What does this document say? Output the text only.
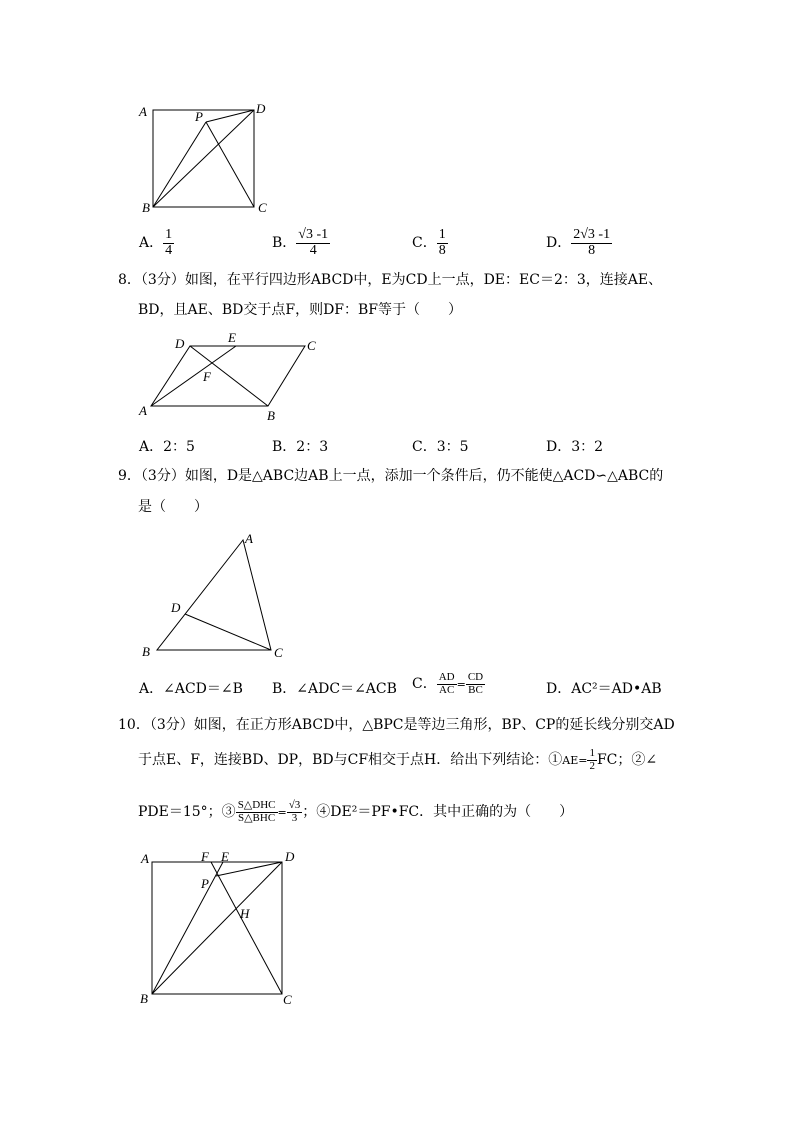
A	P
D
B	C
A． $\frac{1}{4}$	B． $\frac{√3 -1}{4}$	C． $\frac{1}{8}$	D． $\frac{2√3 -1}{8}$
8．（3分）如图，在平行四边形ABCD中，E为CD上一点，DE：EC＝2：3，连接AE、
BD，且AE、BD交于点F，则DF：BF等于（　　）
D	E
C
F
A	B
A．2：5	B．2：3	C．3：5	D．3：2
9．（3分）如图，D是△ABC边AB上一点，添加一个条件后，仍不能使△ACD∽△ABC的
是（　　）
A
D
B	C
A．∠ACD＝∠B B．∠ADC＝∠ACB C． $\frac{AD}{AC} = \frac{CD}{BC}$	D．AC²＝AD•AB
10．（3分）如图，在正方形ABCD中，△BPC是等边三角形，BP、CP的延长线分别交AD
于点E、F，连接BD、DP，BD与CF相交于点H．给出下列结论：①AE= $\frac{1}{2}$ FC；②∠
PDE＝15°；③ $\frac{\text{S△DHC}}{\text{S△BHC}} = \frac{√3}{3}$ ；④DE²＝PF•FC．其中正确的为（　　）
A	F E	D
P
H
B	C
